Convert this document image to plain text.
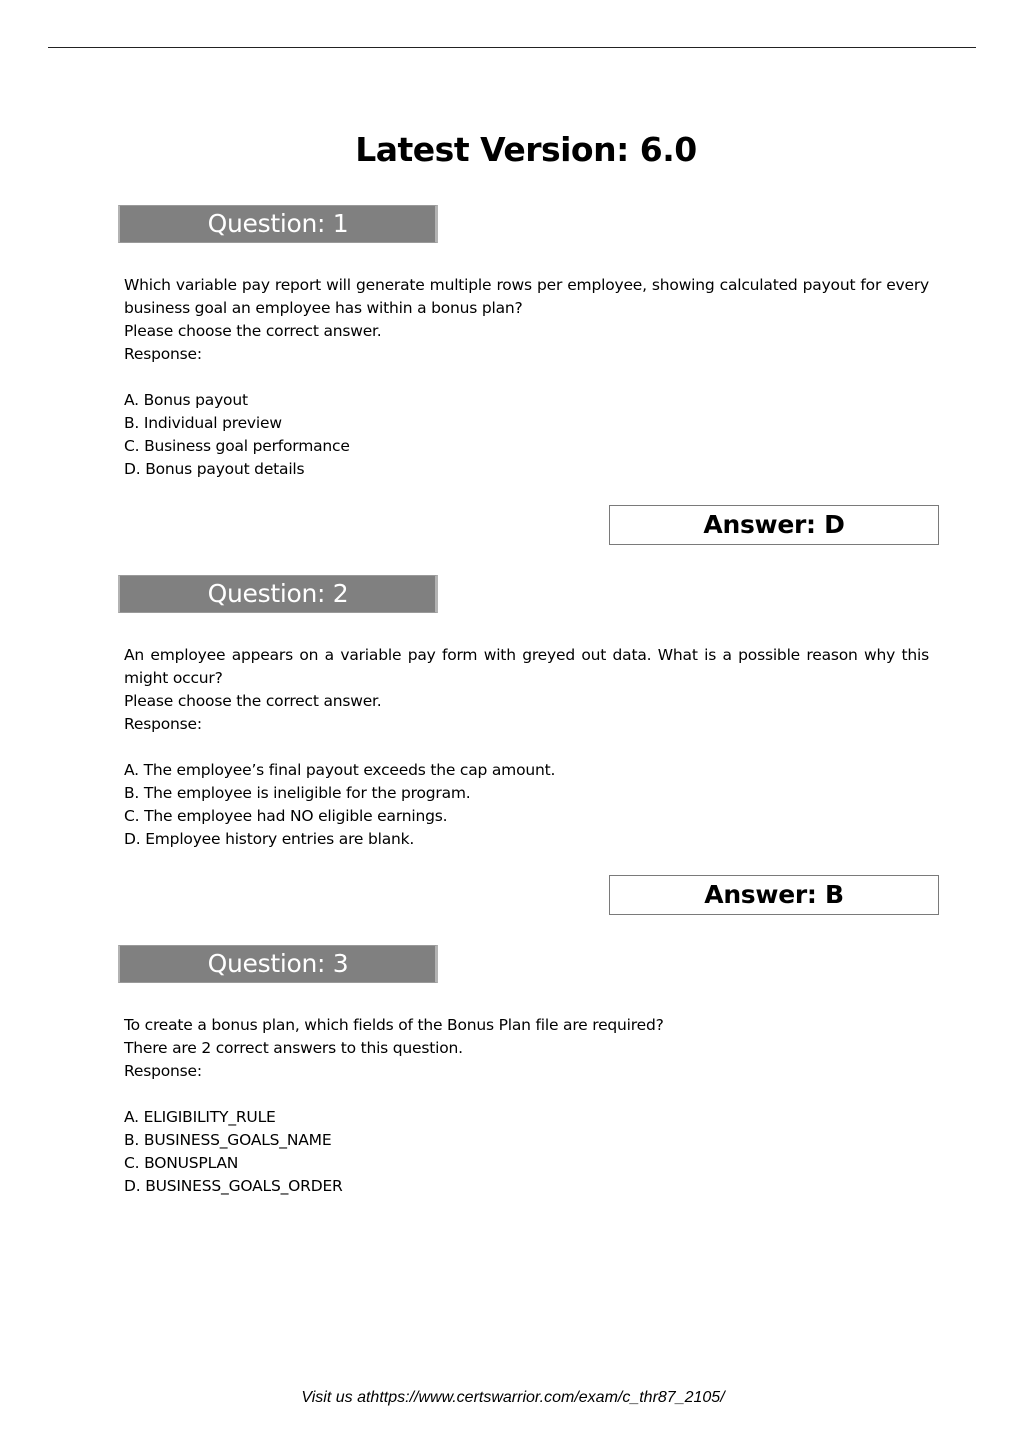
Latest Version: 6.0
Question: 1

Which variable pay report will generate multiple rows per employee, showing calculated payout for every business goal an employee has within a bonus plan?

Please choose the correct answer.

Response:

A. Bonus payout

B. Individual preview

C. Business goal performance

D. Bonus payout details

Answer: D
Question: 2

An employee appears on a variable pay form with greyed out data. What is a possible reason why this might occur?

Please choose the correct answer.

Response:

A. The employee’s final payout exceeds the cap amount.

B. The employee is ineligible for the program.

C. The employee had NO eligible earnings.

D. Employee history entries are blank.

Answer: B
Question: 3

To create a bonus plan, which fields of the Bonus Plan file are required?

There are 2 correct answers to this question.

Response:

A. ELIGIBILITY_RULE

B. BUSINESS_GOALS_NAME

C. BONUSPLAN

D. BUSINESS_GOALS_ORDER

Visit us athttps://www.certswarrior.com/exam/c_thr87_2105/
